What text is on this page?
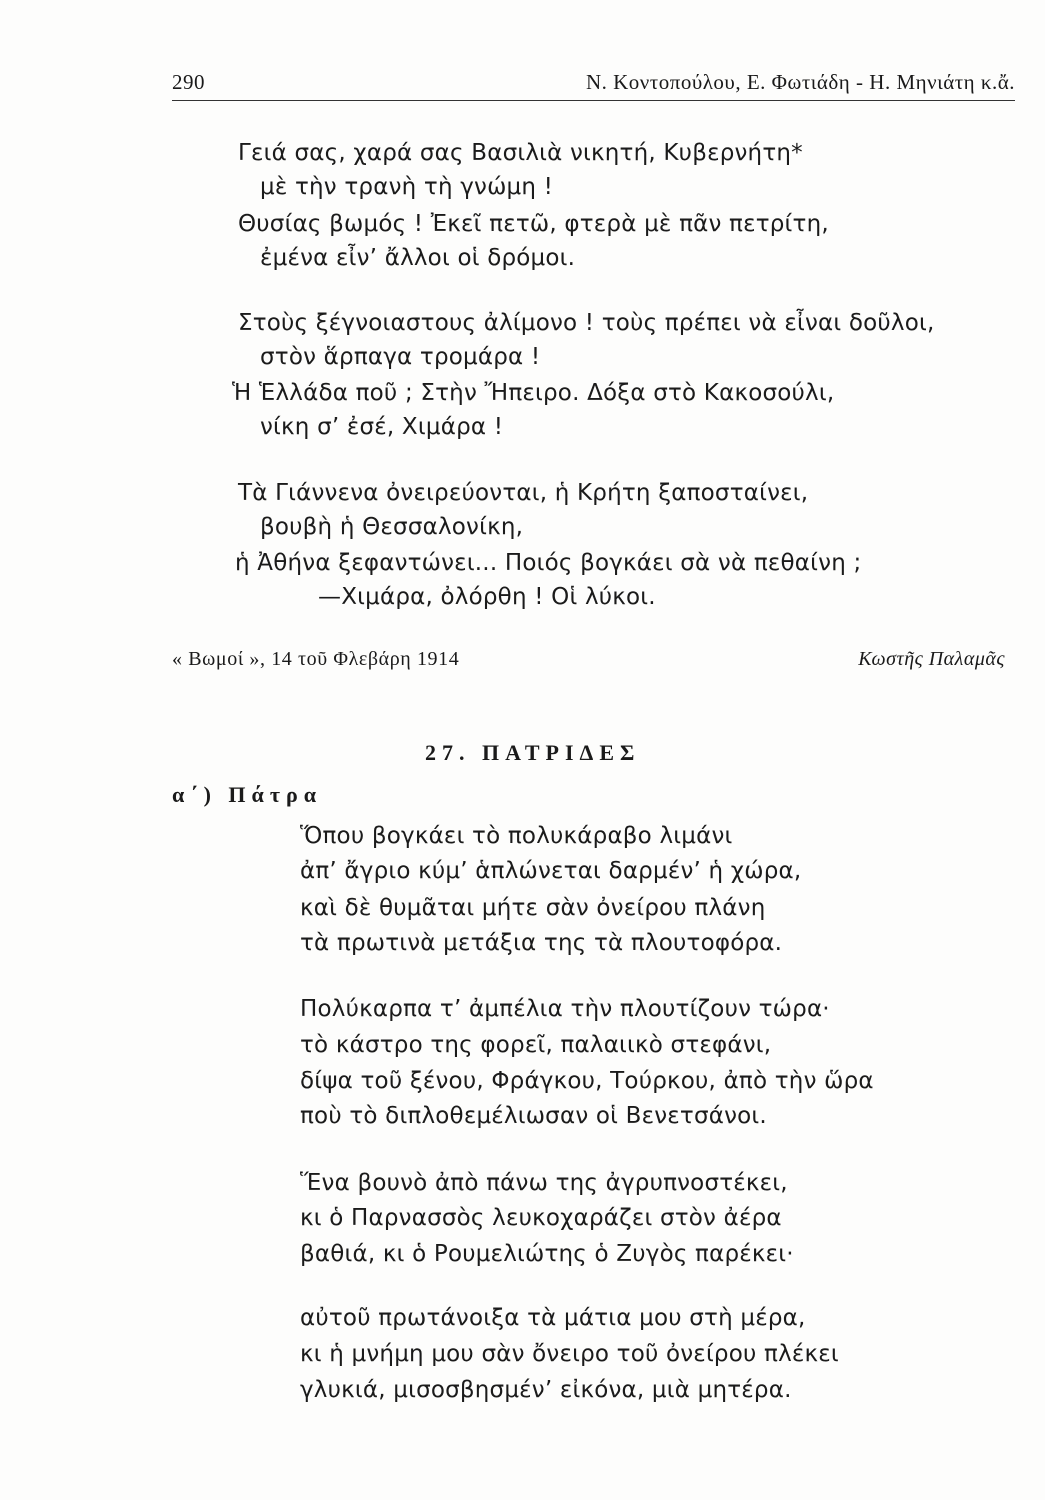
290	Ν. Κοντοπούλου, Ε. Φωτιάδη - Η. Μηνιάτη κ.ἄ.
Γειά σας, χαρά σας Βασιλιὰ νικητή, Κυβερνήτη*
μὲ τὴν τρανὴ τὴ γνώμη !
Θυσίας βωμός ! Ἐκεῖ πετῶ, φτερὰ μὲ πᾶν πετρίτη,
ἐμένα εἶν’ ἄλλοι οἱ δρόμοι.
Στοὺς ξέγνοιαστους ἀλίμονο ! τοὺς πρέπει νὰ εἶναι δοῦλοι,
στὸν ἅρπαγα τρομάρα !
Ἡ Ἑλλάδα ποῦ ; Στὴν Ἤπειρο. Δόξα στὸ Κακοσούλι,
νίκη σ’ ἐσέ, Χιμάρα !
Τὰ Γιάννενα ὀνειρεύονται, ἡ Κρήτη ξαποσταίνει,
βουβὴ ἡ Θεσσαλονίκη,
ἡ Ἀθήνα ξεφαντώνει... Ποιός βογκάει σὰ νὰ πεθαίνη ;
—Χιμάρα, ὀλόρθη ! Οἱ λύκοι.
« Βωμοί », 14 τοῦ Φλεβάρη 1914	Κωστῆς Παλαμᾶς
27. ΠΑΤΡΙΔΕΣ
α΄) Πάτρα
Ὅπου βογκάει τὸ πολυκάραβο λιμάνι
ἀπ’ ἄγριο κύμ’ ἁπλώνεται δαρμέν’ ἡ χώρα,
καὶ δὲ θυμᾶται μήτε σὰν ὀνείρου πλάνη
τὰ πρωτινὰ μετάξια της τὰ πλουτοφόρα.
Πολύκαρπα τ’ ἀμπέλια τὴν πλουτίζουν τώρα·
τὸ κάστρο της φορεῖ, παλαιικὸ στεφάνι,
δίψα τοῦ ξένου, Φράγκου, Τούρκου, ἀπὸ τὴν ὥρα
ποὺ τὸ διπλοθεμέλιωσαν οἱ Βενετσάνοι.
Ἕνα βουνὸ ἀπὸ πάνω της ἀγρυπνοστέκει,
κι ὁ Παρνασσὸς λευκοχαράζει στὸν ἀέρα
βαθιά, κι ὁ Ρουμελιώτης ὁ Ζυγὸς παρέκει·
αὐτοῦ πρωτάνοιξα τὰ μάτια μου στὴ μέρα,
κι ἡ μνήμη μου σὰν ὄνειρο τοῦ ὀνείρου πλέκει
γλυκιά, μισοσβησμέν’ εἰκόνα, μιὰ μητέρα.
